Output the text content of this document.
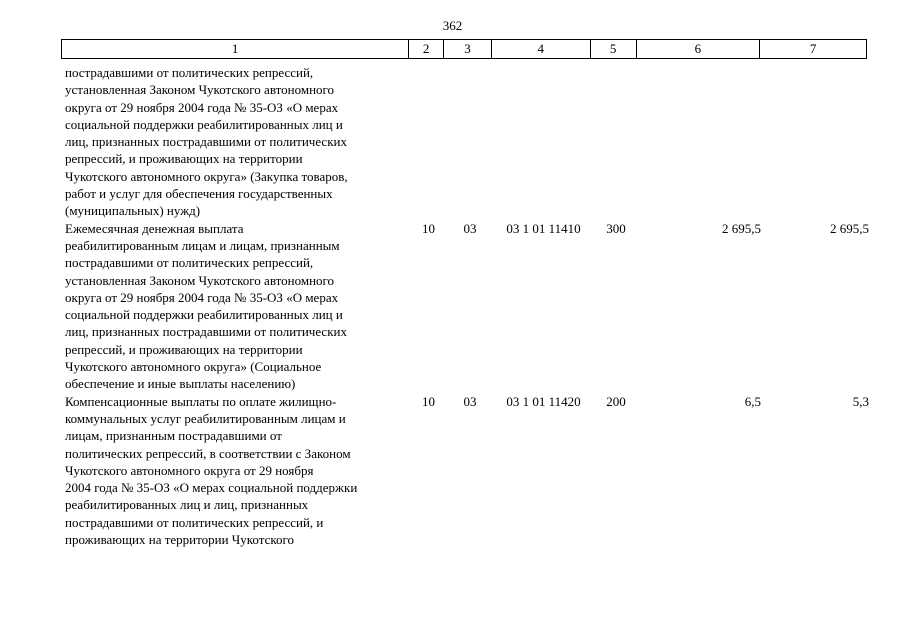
362
1	2	3	4	5	6	7
пострадавшими от политических репрессий,
установленная Законом Чукотского автономного
округа от 29 ноября 2004 года № 35-ОЗ «О мерах
социальной поддержки реабилитированных лиц и
лиц, признанных пострадавшими от политических
репрессий, и проживающих на территории
Чукотского автономного округа» (Закупка товаров,
работ и услуг для обеспечения государственных
(муниципальных) нужд)
Ежемесячная денежная выплата
реабилитированным лицам и лицам, признанным
пострадавшими от политических репрессий,
установленная Законом Чукотского автономного
округа от 29 ноября 2004 года № 35-ОЗ «О мерах
социальной поддержки реабилитированных лиц и
лиц, признанных пострадавшими от политических
репрессий, и проживающих на территории
Чукотского автономного округа» (Социальное
обеспечение и иные выплаты населению)
10	03	03 1 01 11410	300	2 695,5	2 695,5
Компенсационные выплаты по оплате жилищно-
коммунальных услуг реабилитированным лицам и
лицам, признанным пострадавшими от
политических репрессий, в соответствии с Законом
Чукотского автономного округа от 29 ноября
2004 года № 35-ОЗ «О мерах социальной поддержки
реабилитированных лиц и лиц, признанных
пострадавшими от политических репрессий, и
проживающих на территории Чукотского
10	03	03 1 01 11420	200	6,5	5,3
